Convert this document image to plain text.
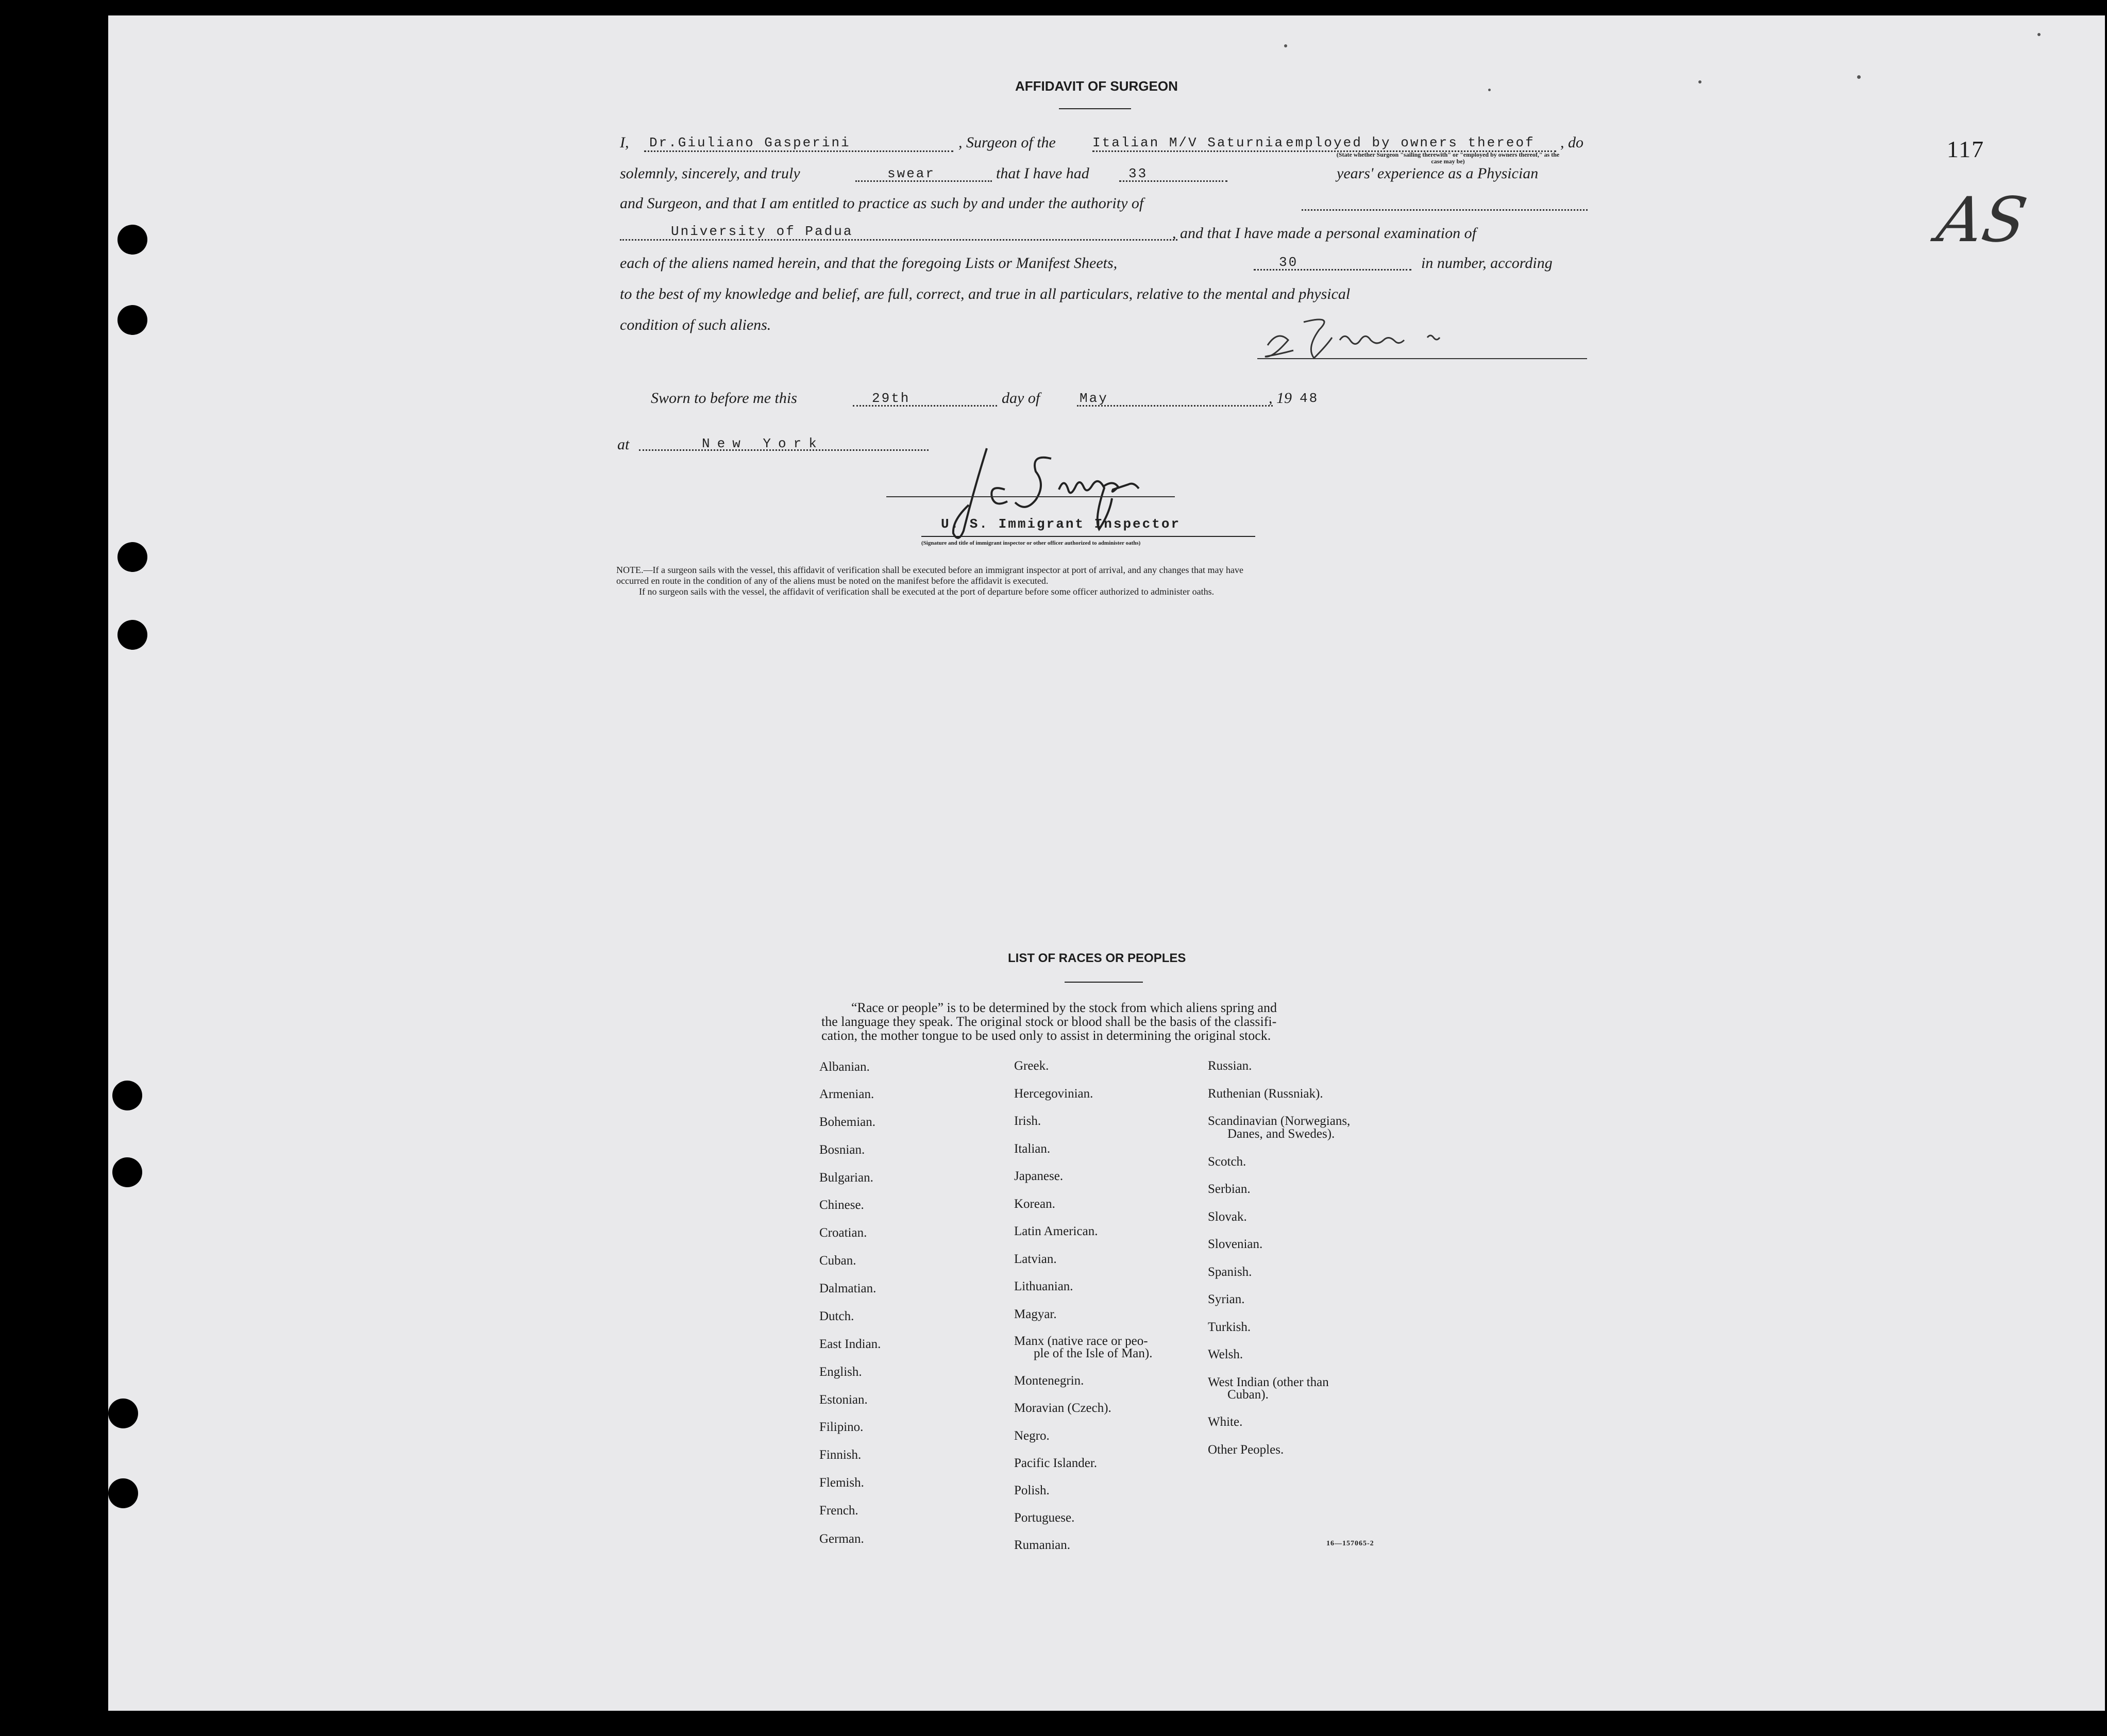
117
AS
AFFIDAVIT OF SURGEON
I, Dr.Giuliano Gasperini	, Surgeon of the	Italian M/V Saturnia employed by owners thereof , do
(State whether Surgeon "sailing therewith" or "employed by owners thereof," as the case may be)
solemnly, sincerely, and truly	swear	that I have had	33	years' experience as a Physician
and Surgeon, and that I am entitled to practice as such by and under the authority of
University of Padua	, and that I have made a personal examination of
each of the aliens named herein, and that the foregoing Lists or Manifest Sheets,	30	in number, according
to the best of my knowledge and belief, are full, correct, and true in all particulars, relative to the mental and physical
condition of such aliens.
Sworn to before me this	29th	day of	May	, 19 48
at	New York
U. S. Immigrant Inspector
(Signature and title of immigrant inspector or other officer authorized to administer oaths)
NOTE.—If a surgeon sails with the vessel, this affidavit of verification shall be executed before an immigrant inspector at port of arrival, and any changes that may have
occurred en route in the condition of any of the aliens must be noted on the manifest before the affidavit is executed.
If no surgeon sails with the vessel, the affidavit of verification shall be executed at the port of departure before some officer authorized to administer oaths.
LIST OF RACES OR PEOPLES
“Race or people” is to be determined by the stock from which aliens spring and
the language they speak. The original stock or blood shall be the basis of the classifi-
cation, the mother tongue to be used only to assist in determining the original stock.
Albanian.
Armenian.
Bohemian.
Bosnian.
Bulgarian.
Chinese.
Croatian.
Cuban.
Dalmatian.
Dutch.
East Indian.
English.
Estonian.
Filipino.
Finnish.
Flemish.
French.
German.
Greek.
Hercegovinian.
Irish.
Italian.
Japanese.
Korean.
Latin American.
Latvian.
Lithuanian.
Magyar.
Manx (native race or peo-
ple of the Isle of Man).
Montenegrin.
Moravian (Czech).
Negro.
Pacific Islander.
Polish.
Portuguese.
Rumanian.
Russian.
Ruthenian (Russniak).
Scandinavian (Norwegians,
Danes, and Swedes).
Scotch.
Serbian.
Slovak.
Slovenian.
Spanish.
Syrian.
Turkish.
Welsh.
West Indian (other than
Cuban).
White.
Other Peoples.
16—157065-2
